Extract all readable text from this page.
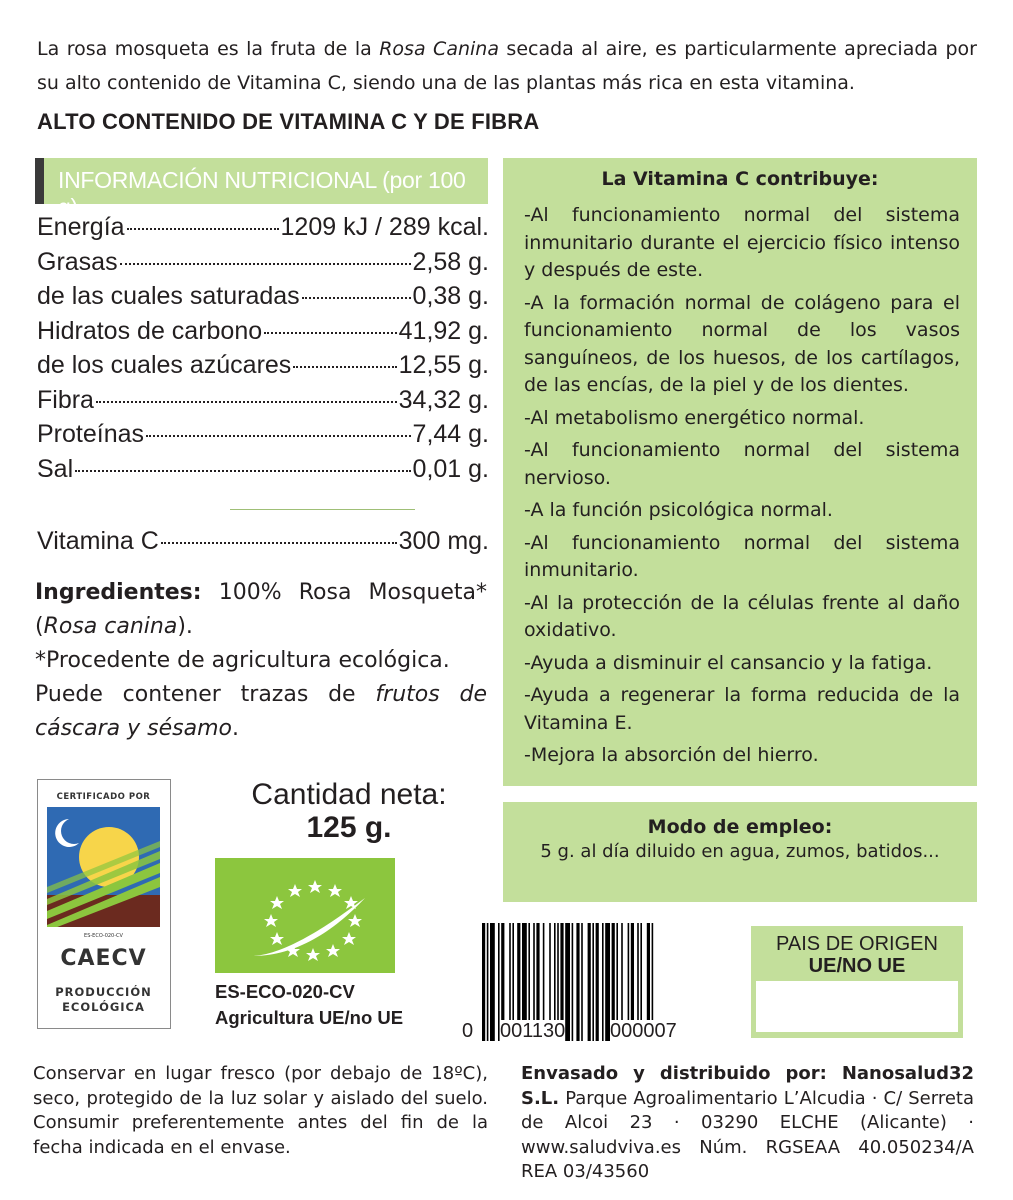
La rosa mosqueta es la fruta de la Rosa Canina secada al aire, es particularmente apreciada por su alto contenido de Vitamina C, siendo una de las plantas más rica en esta vitamina.

ALTO CONTENIDO DE VITAMINA C Y DE FIBRA
INFORMACIÓN NUTRICIONAL (por 100 g)
Energía	1209 kJ / 289 kcal.
Grasas	2,58 g.
de las cuales saturadas	0,38 g.
Hidratos de carbono	41,92 g.
de los cuales azúcares	12,55 g.
Fibra	34,32 g.
Proteínas	7,44 g.
Sal	0,01 g.
Vitamina C	300 mg.

Ingredientes: 100% Rosa Mosqueta* (Rosa canina).

*Procedente de agricultura ecológica.

Puede contener trazas de frutos de cáscara y sésamo.

CERTIFICADO POR
ES-ECO-020-CV
CAECV
PRODUCCIÓN
ECOLÓGICA
Cantidad neta:
125 g.
ES-ECO-020-CV
Agricultura UE/no UE
La Vitamina C contribuye:

-Al funcionamiento normal del sistema inmunitario durante el ejercicio físico intenso y después de este.

-A la formación normal de colágeno para el funcionamiento normal de los vasos sanguíneos, de los huesos, de los cartílagos, de las encías, de la piel y de los dientes.

-Al metabolismo energético normal.

-Al funcionamiento normal del sistema nervioso.

-A la función psicológica normal.

-Al funcionamiento normal del sistema inmunitario.

-Al la protección de la células frente al daño oxidativo.

-Ayuda a disminuir el cansancio y la fatiga.

-Ayuda a regenerar la forma reducida de la Vitamina E.

-Mejora la absorción del hierro.

Modo de empleo:
5 g. al día diluido en agua, zumos, batidos...
0 001130 000007
PAIS DE ORIGEN
UE/NO UE

Conservar en lugar fresco (por debajo de 18ºC), seco, protegido de la luz solar y aislado del suelo. Consumir preferentemente antes del fin de la fecha indicada en el envase.

Envasado y distribuido por: Nanosalud32 S.L. Parque Agroalimentario L’Alcudia · C/ Serreta de Alcoi 23 · 03290 ELCHE (Alicante) · www.saludviva.es Núm. RGSEAA 40.050234/A REA 03/43560
